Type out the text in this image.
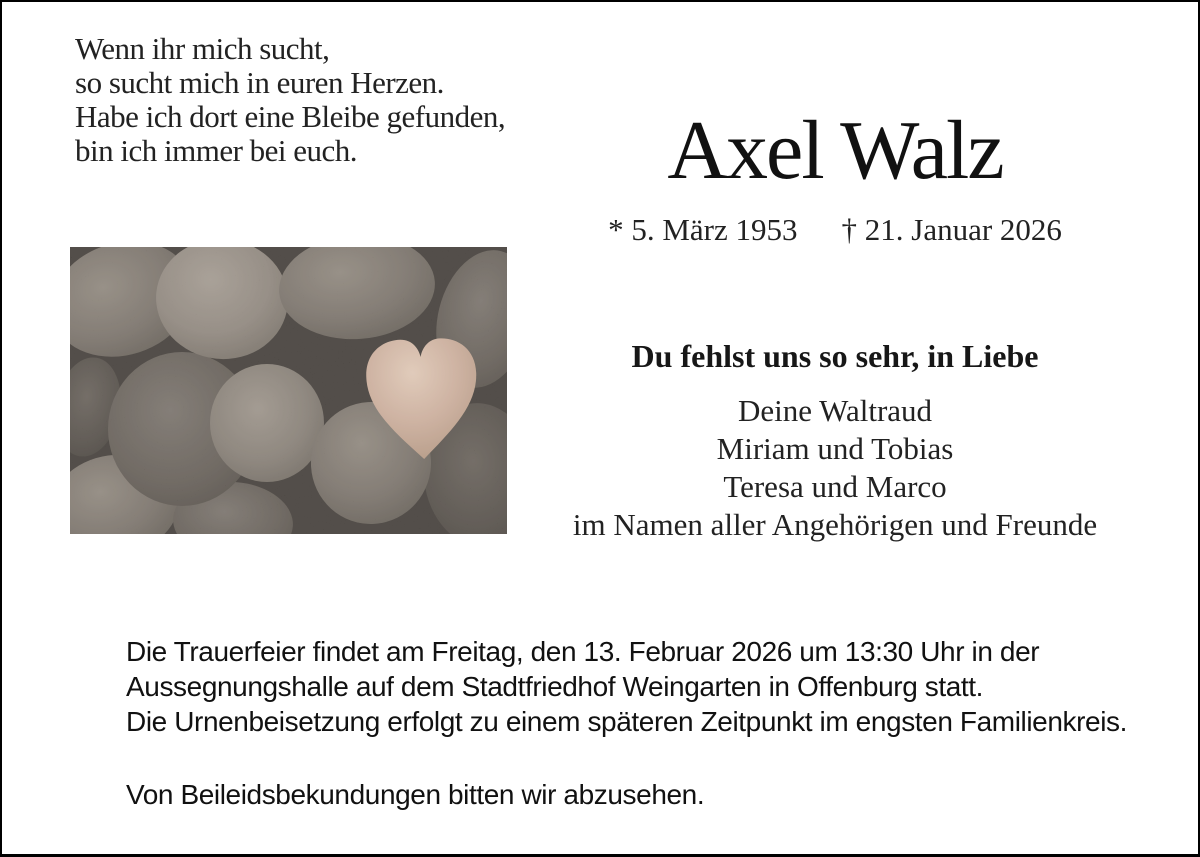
Wenn ihr mich sucht,
so sucht mich in euren Herzen.
Habe ich dort eine Bleibe gefunden,
bin ich immer bei euch.	Axel Walz
* 5. März 1953 † 21. Januar 2026
Du fehlst uns so sehr, in Liebe
Deine Waltraud
Miriam und Tobias
Teresa und Marco
im Namen aller Angehörigen und Freunde
Die Trauerfeier findet am Freitag, den 13. Februar 2026 um 13:30 Uhr in der
Aussegnungshalle auf dem Stadtfriedhof Weingarten in Offenburg statt.
Die Urnenbeisetzung erfolgt zu einem späteren Zeitpunkt im engsten Familienkreis.
Von Beileidsbekundungen bitten wir abzusehen.
